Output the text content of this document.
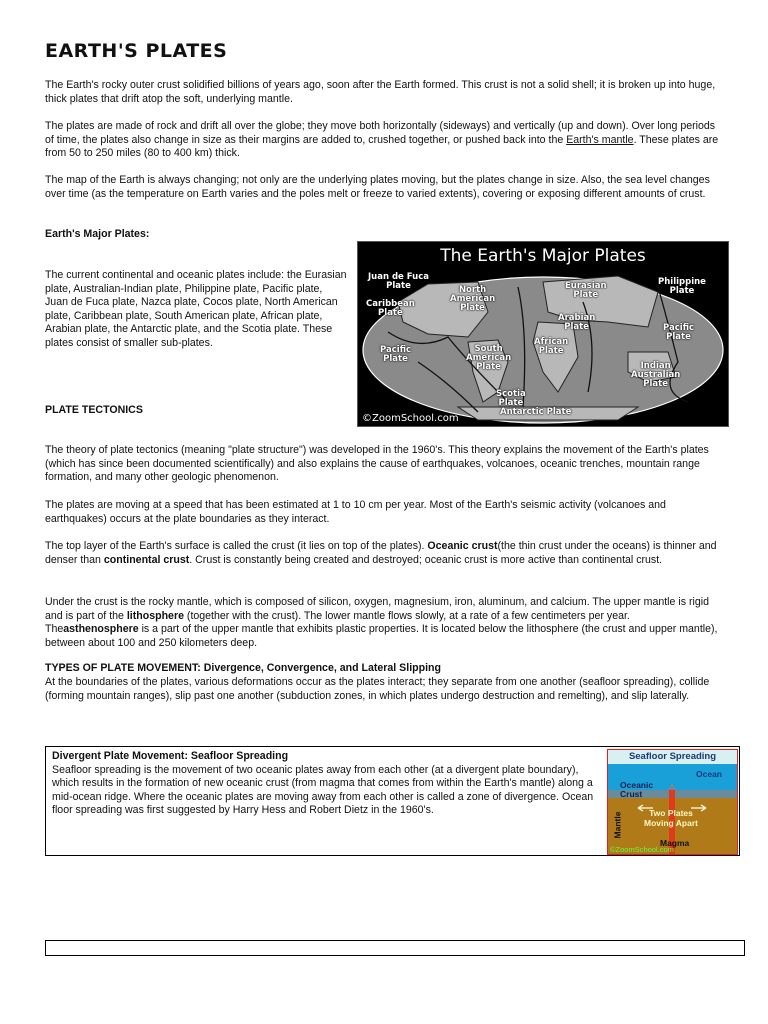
EARTH'S PLATES

The Earth's rocky outer crust solidified billions of years ago, soon after the Earth formed. This crust is not a solid shell; it is broken up into huge, thick plates that drift atop the soft, underlying mantle.

The plates are made of rock and drift all over the globe; they move both horizontally (sideways) and vertically (up and down). Over long periods of time, the plates also change in size as their margins are added to, crushed together, or pushed back into the Earth's mantle. These plates are from 50 to 250 miles (80 to 400 km) thick.

The map of the Earth is always changing; not only are the underlying plates moving, but the plates change in size. Also, the sea level changes over time (as the temperature on Earth varies and the poles melt or freeze to varied extents), covering or exposing different amounts of crust.

Earth's Major Plates:

The current continental and oceanic plates include: the Eurasian plate, Australian-Indian plate, Philippine plate, Pacific plate, Juan de Fuca plate, Nazca plate, Cocos plate, North American plate, Caribbean plate, South American plate, African plate, Arabian plate, the Antarctic plate, and the Scotia plate. These plates consist of smaller sub-plates.

The Earth's Major Plates
Juan de Fuca
Plate	North
American
Plate
Caribbean
Plate
Eurasian
Plate
Arabian
Plate
Philippine
Plate
Pacific
Plate
Pacific
Plate
South
American
Plate
African
Plate
Indian
Australian
Plate
Scotia
Plate
Antarctic Plate
©ZoomSchool.com

PLATE TECTONICS

The theory of plate tectonics (meaning "plate structure") was developed in the 1960's. This theory explains the movement of the Earth's plates (which has since been documented scientifically) and also explains the cause of earthquakes, volcanoes, oceanic trenches, mountain range formation, and many other geologic phenomenon.

The plates are moving at a speed that has been estimated at 1 to 10 cm per year. Most of the Earth's seismic activity (volcanoes and earthquakes) occurs at the plate boundaries as they interact.

The top layer of the Earth's surface is called the crust (it lies on top of the plates). Oceanic crust(the thin crust under the oceans) is thinner and denser than continental crust. Crust is constantly being created and destroyed; oceanic crust is more active than continental crust.

Under the crust is the rocky mantle, which is composed of silicon, oxygen, magnesium, iron, aluminum, and calcium. The upper mantle is rigid and is part of the lithosphere (together with the crust). The lower mantle flows slowly, at a rate of a few centimeters per year. Theasthenosphere is a part of the upper mantle that exhibits plastic properties. It is located below the lithosphere (the crust and upper mantle), between about 100 and 250 kilometers deep.

TYPES OF PLATE MOVEMENT: Divergence, Convergence, and Lateral Slipping

At the boundaries of the plates, various deformations occur as the plates interact; they separate from one another (seafloor spreading), collide (forming mountain ranges), slip past one another (subduction zones, in which plates undergo destruction and remelting), and slip laterally.

Divergent Plate Movement: Seafloor Spreading
Seafloor spreading is the movement of two oceanic plates away from each other (at a divergent plate boundary), which results in the formation of new oceanic crust (from magma that comes from within the Earth's mantle) along a mid-ocean ridge. Where the oceanic plates are moving away from each other is called a zone of divergence. Ocean floor spreading was first suggested by Harry Hess and Robert Dietz in the 1960's.
Seafloor Spreading
Ocean
Oceanic
Crust
Two Plates
Moving Apart
Mantle
Magma
©ZoomSchool.com
